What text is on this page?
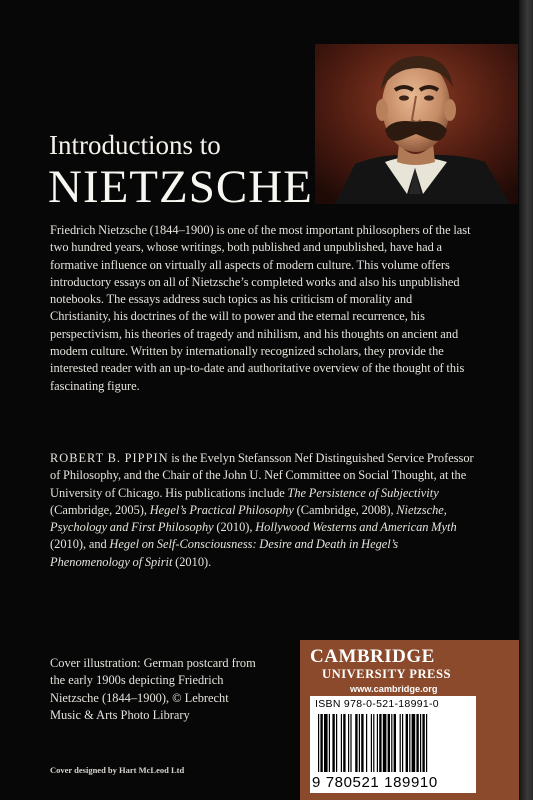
Introductions to
NIETZSCHE

Friedrich Nietzsche (1844–1900) is one of the most important philosophers of the last two hundred years, whose writings, both published and unpublished, have had a formative influence on virtually all aspects of modern culture. This volume offers introductory essays on all of Nietzsche’s completed works and also his unpublished notebooks. The essays address such topics as his criticism of morality and Christianity, his doctrines of the will to power and the eternal recurrence, his perspectivism, his theories of tragedy and nihilism, and his thoughts on ancient and modern culture. Written by internationally recognized scholars, they provide the interested reader with an up-to-date and authoritative overview of the thought of this fascinating figure.

ROBERT B. PIPPIN is the Evelyn Stefansson Nef Distinguished Service Professor of Philosophy, and the Chair of the John U. Nef Committee on Social Thought, at the University of Chicago. His publications include The Persistence of Subjectivity (Cambridge, 2005), Hegel’s Practical Philosophy (Cambridge, 2008), Nietzsche, Psychology and First Philosophy (2010), Hollywood Westerns and American Myth (2010), and Hegel on Self-Consciousness: Desire and Death in Hegel’s Phenomenology of Spirit (2010).

Cover illustration: German postcard from the early 1900s depicting Friedrich Nietzsche (1844–1900), © Lebrecht Music & Arts Photo Library

Cover designed by Hart McLeod Ltd

CAMBRIDGE

UNIVERSITY PRESS

www.cambridge.org

ISBN 978-0-521-18991-0

9 780521 189910
